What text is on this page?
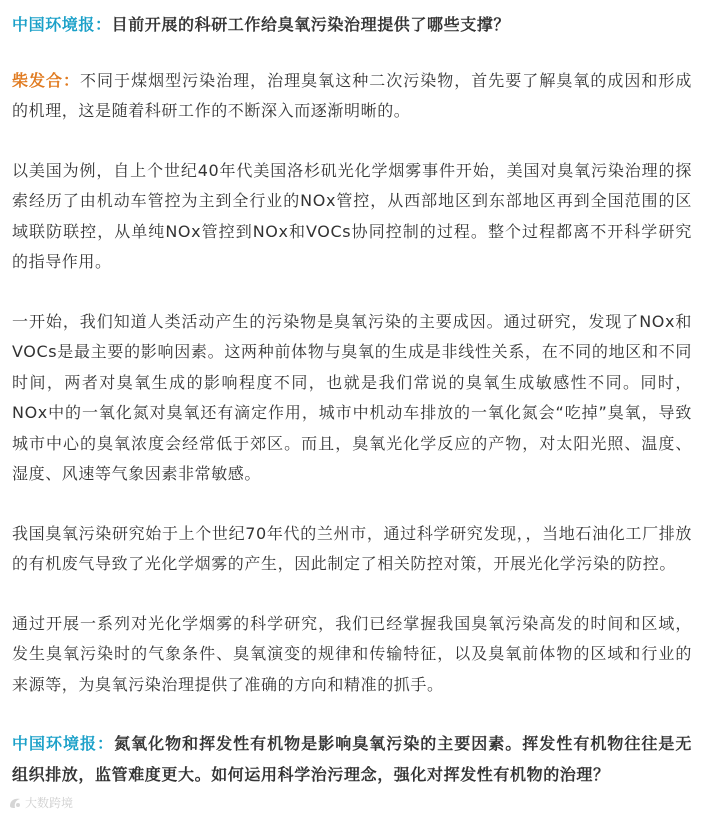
中国环境报：目前开展的科研工作给臭氧污染治理提供了哪些支撑？

柴发合：不同于煤烟型污染治理，治理臭氧这种二次污染物，首先要了解臭氧的成因和形成的机理，这是随着科研工作的不断深入而逐渐明晰的。

以美国为例，自上个世纪40年代美国洛杉矶光化学烟雾事件开始，美国对臭氧污染治理的探索经历了由机动车管控为主到全行业的NOx管控，从西部地区到东部地区再到全国范围的区域联防联控，从单纯NOx管控到NOx和VOCs协同控制的过程。整个过程都离不开科学研究的指导作用。

一开始，我们知道人类活动产生的污染物是臭氧污染的主要成因。通过研究，发现了NOx和VOCs是最主要的影响因素。这两种前体物与臭氧的生成是非线性关系，在不同的地区和不同时间，两者对臭氧生成的影响程度不同，也就是我们常说的臭氧生成敏感性不同。同时，NOx中的一氧化氮对臭氧还有滴定作用，城市中机动车排放的一氧化氮会“吃掉”臭氧，导致城市中心的臭氧浓度会经常低于郊区。而且，臭氧光化学反应的产物，对太阳光照、温度、湿度、风速等气象因素非常敏感。

我国臭氧污染研究始于上个世纪70年代的兰州市，通过科学研究发现，，当地石油化工厂排放的有机废气导致了光化学烟雾的产生，因此制定了相关防控对策，开展光化学污染的防控。

通过开展一系列对光化学烟雾的科学研究，我们已经掌握我国臭氧污染高发的时间和区域，发生臭氧污染时的气象条件、臭氧演变的规律和传输特征，以及臭氧前体物的区域和行业的来源等，为臭氧污染治理提供了准确的方向和精准的抓手。

中国环境报：氮氧化物和挥发性有机物是影响臭氧污染的主要因素。挥发性有机物往往是无组织排放，监管难度更大。如何运用科学治污理念，强化对挥发性有机物的治理？

大数跨境
